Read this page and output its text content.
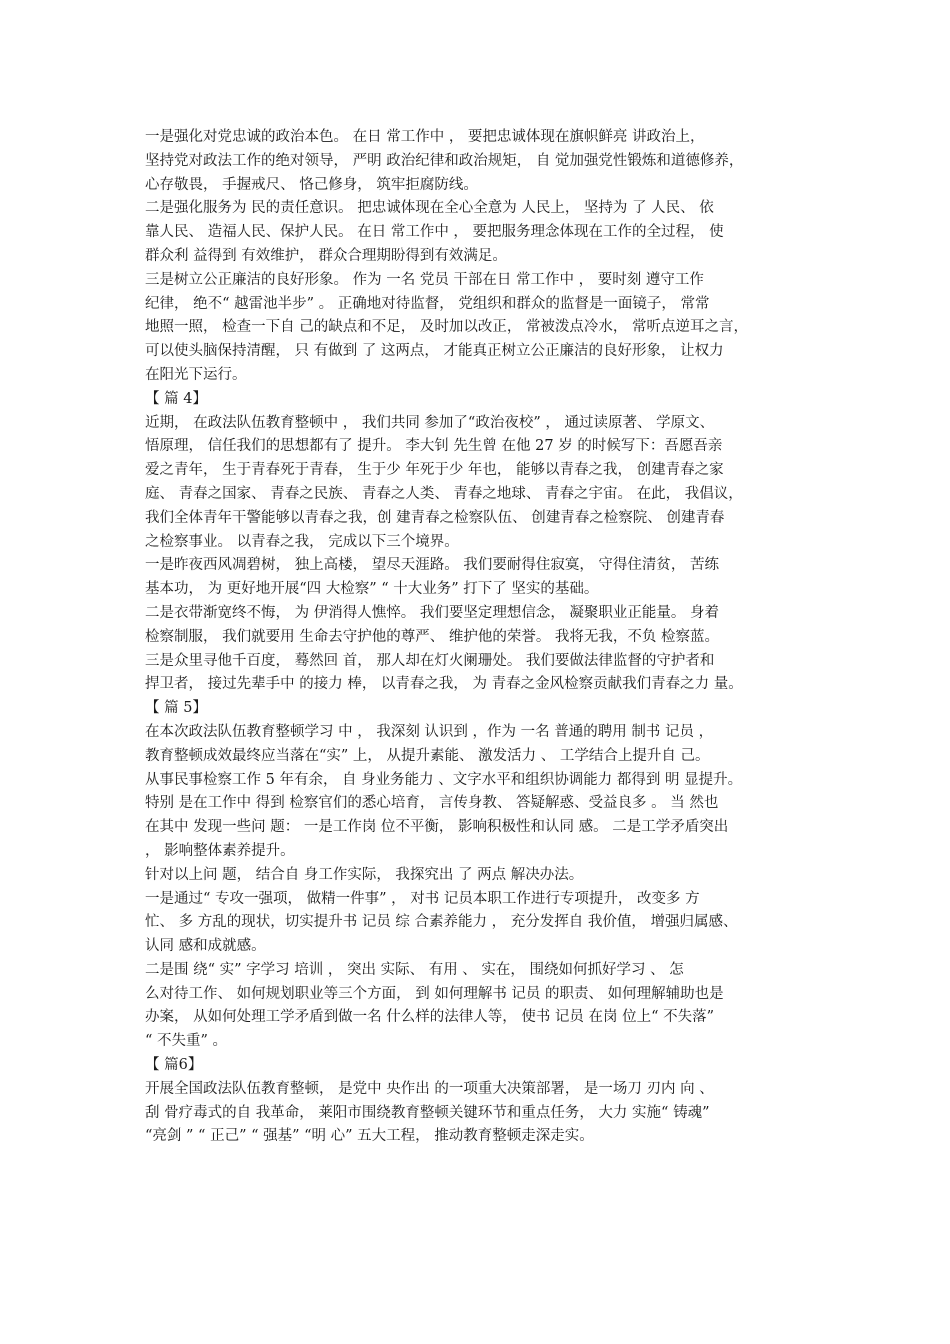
一是强化对党忠诚的政治本色。 在日 常工作中 ， 要把忠诚体现在旗帜鲜亮 讲政治上，
坚持党对政法工作的绝对领导， 严明 政治纪律和政治规矩， 自 觉加强党性锻炼和道德修养，
心存敬畏， 手握戒尺、 恪己修身， 筑牢拒腐防线。
二是强化服务为 民的责任意识。 把忠诚体现在全心全意为 人民上， 坚持为 了 人民、 依
靠人民、 造福人民、保护人民。 在日 常工作中 ， 要把服务理念体现在工作的全过程， 使
群众利 益得到 有效维护， 群众合理期盼得到有效满足。
三是树立公正廉洁的良好形象。 作为 一名 党员 干部在日 常工作中 ， 要时刻 遵守工作
纪律， 绝不“ 越雷池半步” 。 正确地对待监督， 党组织和群众的监督是一面镜子， 常常
地照一照， 检查一下自 己的缺点和不足， 及时加以改正， 常被泼点冷水， 常听点逆耳之言，
可以使头脑保持清醒， 只 有做到 了 这两点， 才能真正树立公正廉洁的良好形象， 让权力
在阳光下运行。
【 篇 4】
近期， 在政法队伍教育整顿中 ， 我们共同 参加了“政治夜校” ， 通过读原著、 学原文、
悟原理， 信任我们的思想都有了 提升。 李大钊 先生曾 在他 27 岁 的时候写下：吾愿吾亲
爱之青年， 生于青春死于青春， 生于少 年死于少 年也， 能够以青春之我， 创建青春之家
庭、 青春之国家、 青春之民族、 青春之人类、 青春之地球、 青春之宇宙。 在此， 我倡议，
我们全体青年干警能够以青春之我，创 建青春之检察队伍、 创建青春之检察院、 创建青春
之检察事业。 以青春之我， 完成以下三个境界。
一是昨夜西风凋碧树， 独上高楼， 望尽天涯路。 我们要耐得住寂寞， 守得住清贫， 苦练
基本功， 为 更好地开展“四 大检察” “ 十大业务” 打下了 坚实的基础。
二是衣带渐宽终不悔， 为 伊消得人憔悴。 我们要坚定理想信念， 凝聚职业正能量。 身着
检察制服， 我们就要用 生命去守护他的尊严、 维护他的荣誉。 我将无我，不负 检察蓝。
三是众里寻他千百度， 蓦然回 首， 那人却在灯火阑珊处。 我们要做法律监督的守护者和
捍卫者， 接过先辈手中 的接力 棒， 以青春之我， 为 青春之金风检察贡献我们青春之力 量。
【 篇 5】
在本次政法队伍教育整顿学习 中 ， 我深刻 认识到 ，作为 一名 普通的聘用 制书 记员 ，
教育整顿成效最终应当落在“实” 上， 从提升素能、 激发活力 、 工学结合上提升自 己。
从事民事检察工作 5 年有余， 自 身业务能力 、文字水平和组织协调能力 都得到 明 显提升。
特别 是在工作中 得到 检察官们的悉心培育， 言传身教、 答疑解惑、受益良多 。 当 然也
在其中 发现一些问 题： 一是工作岗 位不平衡， 影响积极性和认同 感。 二是工学矛盾突出
， 影响整体素养提升。
针对以上问 题， 结合自 身工作实际， 我探究出 了 两点 解决办法。
一是通过“ 专攻一强项， 做精一件事” ， 对书 记员本职工作进行专项提升， 改变多 方
忙、 多 方乱的现状，切实提升书 记员 综 合素养能力 ， 充分发挥自 我价值， 增强归属感、
认同 感和成就感。
二是围 绕“ 实” 字学习 培训 ， 突出 实际、 有用 、 实在， 围绕如何抓好学习 、 怎
么对待工作、 如何规划职业等三个方面， 到 如何理解书 记员 的职责、 如何理解辅助也是
办案， 从如何处理工学矛盾到做一名 什么样的法律人等， 使书 记员 在岗 位上“ 不失落”
“ 不失重” 。
【 篇6】
开展全国政法队伍教育整顿， 是党中 央作出 的一项重大决策部署， 是一场刀 刃内 向 、
刮 骨疗毒式的自 我革命， 莱阳市围绕教育整顿关键环节和重点任务， 大力 实施“ 铸魂”
“亮剑 ” “ 正己” “ 强基” “明 心” 五大工程， 推动教育整顿走深走实。
